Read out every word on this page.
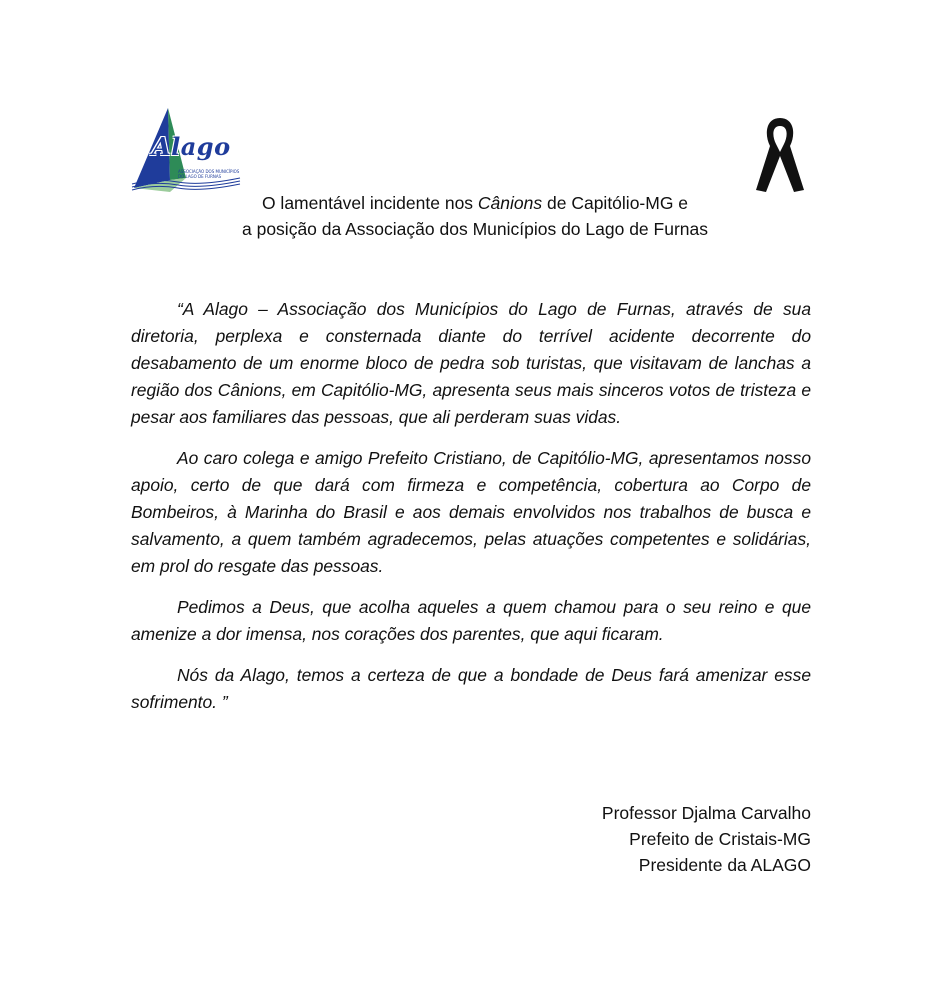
Alago
ASSOCIAÇÃO DOS MUNICÍPIOS DO LAGO DE FURNAS
O lamentável incidente nos Cânions de Capitólio-MG e
a posição da Associação dos Municípios do Lago de Furnas

“A Alago – Associação dos Municípios do Lago de Furnas, através de sua diretoria, perplexa e consternada diante do terrível acidente decorrente do desabamento de um enorme bloco de pedra sob turistas, que visitavam de lanchas a região dos Cânions, em Capitólio-MG, apresenta seus mais sinceros votos de tristeza e pesar aos familiares das pessoas, que ali perderam suas vidas.

Ao caro colega e amigo Prefeito Cristiano, de Capitólio-MG, apresentamos nosso apoio, certo de que dará com firmeza e competência, cobertura ao Corpo de Bombeiros, à Marinha do Brasil e aos demais envolvidos nos trabalhos de busca e salvamento, a quem também agradecemos, pelas atuações competentes e solidárias, em prol do resgate das pessoas.

Pedimos a Deus, que acolha aqueles a quem chamou para o seu reino e que amenize a dor imensa, nos corações dos parentes, que aqui ficaram.

Nós da Alago, temos a certeza de que a bondade de Deus fará amenizar esse sofrimento. ”

Professor Djalma Carvalho
Prefeito de Cristais-MG
Presidente da ALAGO
